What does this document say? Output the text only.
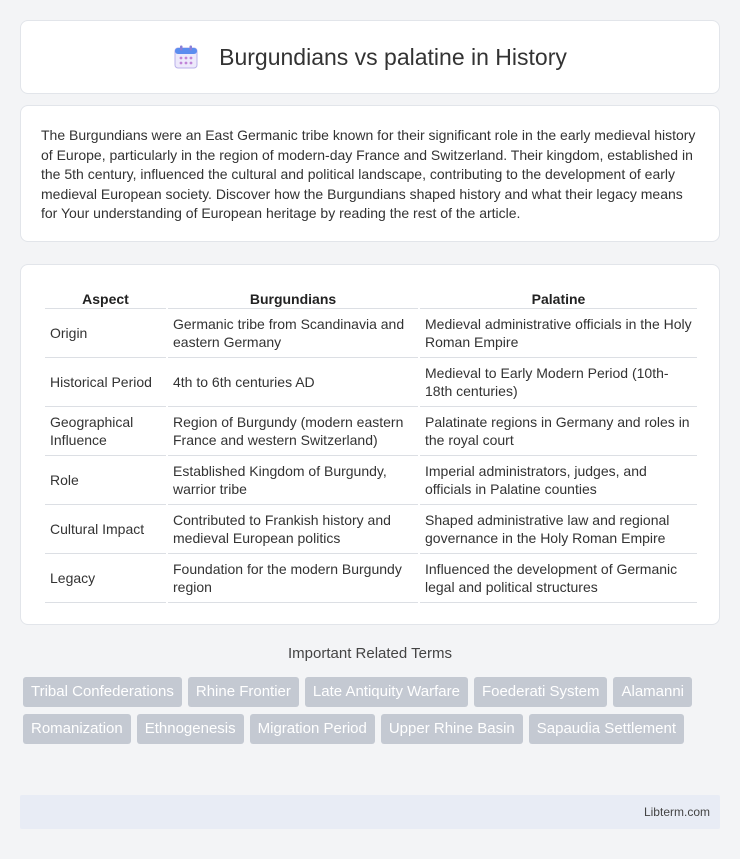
Burgundians vs palatine in History

The Burgundians were an East Germanic tribe known for their significant role in the early medieval history of Europe, particularly in the region of modern-day France and Switzerland. Their kingdom, established in the 5th century, influenced the cultural and political landscape, contributing to the development of early medieval European society. Discover how the Burgundians shaped history and what their legacy means for Your understanding of European heritage by reading the rest of the article.

Aspect	Burgundians	Palatine
Origin	Germanic tribe from Scandinavia and eastern Germany	Medieval administrative officials in the Holy Roman Empire
Historical Period	4th to 6th centuries AD	Medieval to Early Modern Period (10th-18th centuries)
Geographical Influence	Region of Burgundy (modern eastern France and western Switzerland)	Palatinate regions in Germany and roles in the royal court
Role	Established Kingdom of Burgundy, warrior tribe	Imperial administrators, judges, and officials in Palatine counties
Cultural Impact	Contributed to Frankish history and medieval European politics	Shaped administrative law and regional governance in the Holy Roman Empire
Legacy	Foundation for the modern Burgundy region	Influenced the development of Germanic legal and political structures
Important Related Terms
Tribal Confederations	Rhine Frontier	Late Antiquity Warfare	Foederati System	Alamanni
Romanization	Ethnogenesis	Migration Period	Upper Rhine Basin	Sapaudia Settlement
Libterm.com
